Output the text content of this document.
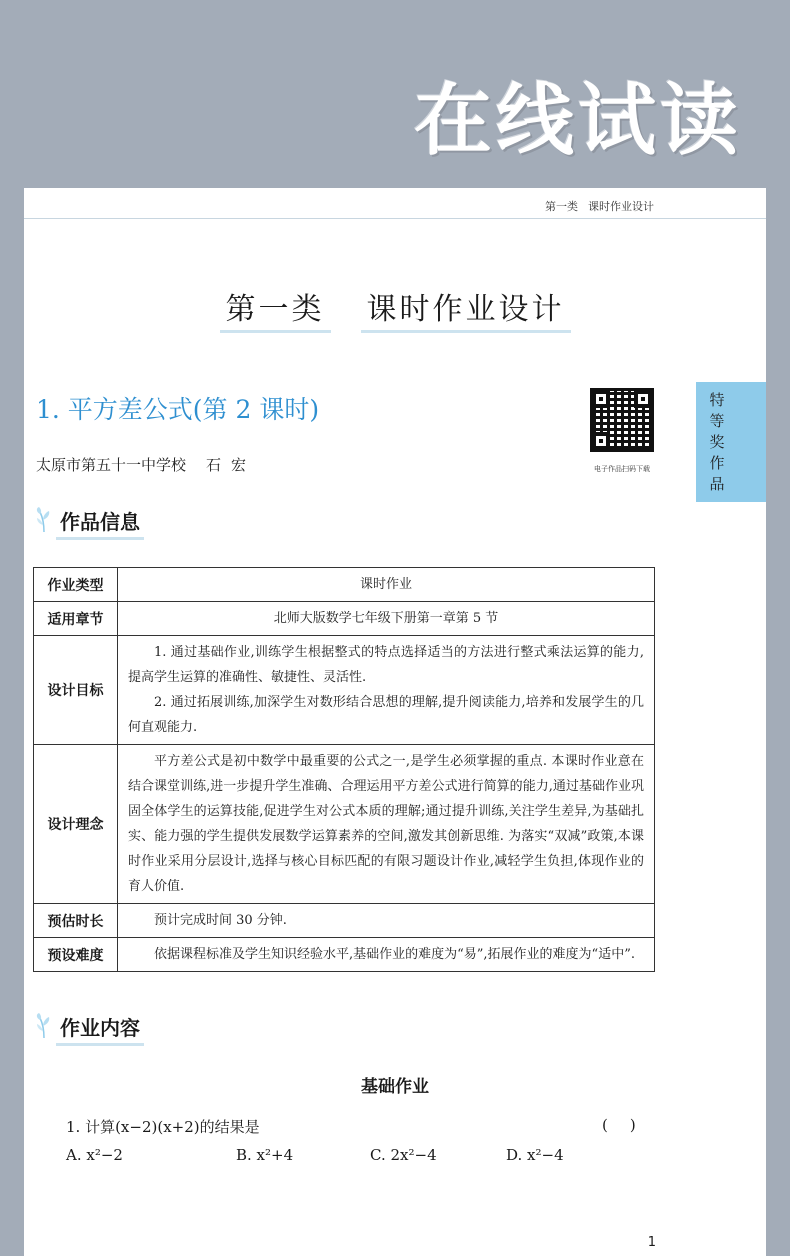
在线试读
第一类 课时作业设计
第一类 课时作业设计
1. 平方差公式(第 2 课时)
太原市第五十一中学校 石宏	电子作品扫码下载
作品信息
作业类型	课时作业
适用章节	北师大版数学七年级下册第一章第 5 节
设计目标	1. 通过基础作业,训练学生根据整式的特点选择适当的方法进行整式乘法运算的能力,提高学生运算的准确性、敏捷性、灵活性.

2. 通过拓展训练,加深学生对数形结合思想的理解,提升阅读能力,培养和发展学生的几何直观能力.

设计理念	平方差公式是初中数学中最重要的公式之一,是学生必须掌握的重点. 本课时作业意在结合课堂训练,进一步提升学生准确、合理运用平方差公式进行简算的能力,通过基础作业巩固全体学生的运算技能,促进学生对公式本质的理解;通过提升训练,关注学生差异,为基础扎实、能力强的学生提供发展数学运算素养的空间,激发其创新思维. 为落实“双减”政策,本课时作业采用分层设计,选择与核心目标匹配的有限习题设计作业,减轻学生负担,体现作业的育人价值.

预估时长	预计完成时间 30 分钟.

预设难度	依据课程标准及学生知识经验水平,基础作业的难度为“易”,拓展作业的难度为“适中”.

作业内容
基础作业
1. 计算(x−2)(x+2)的结果是	()
A. x²−2	B. x²+4	C. 2x²−4	D. x²−4
1
特
等
奖
作
品
